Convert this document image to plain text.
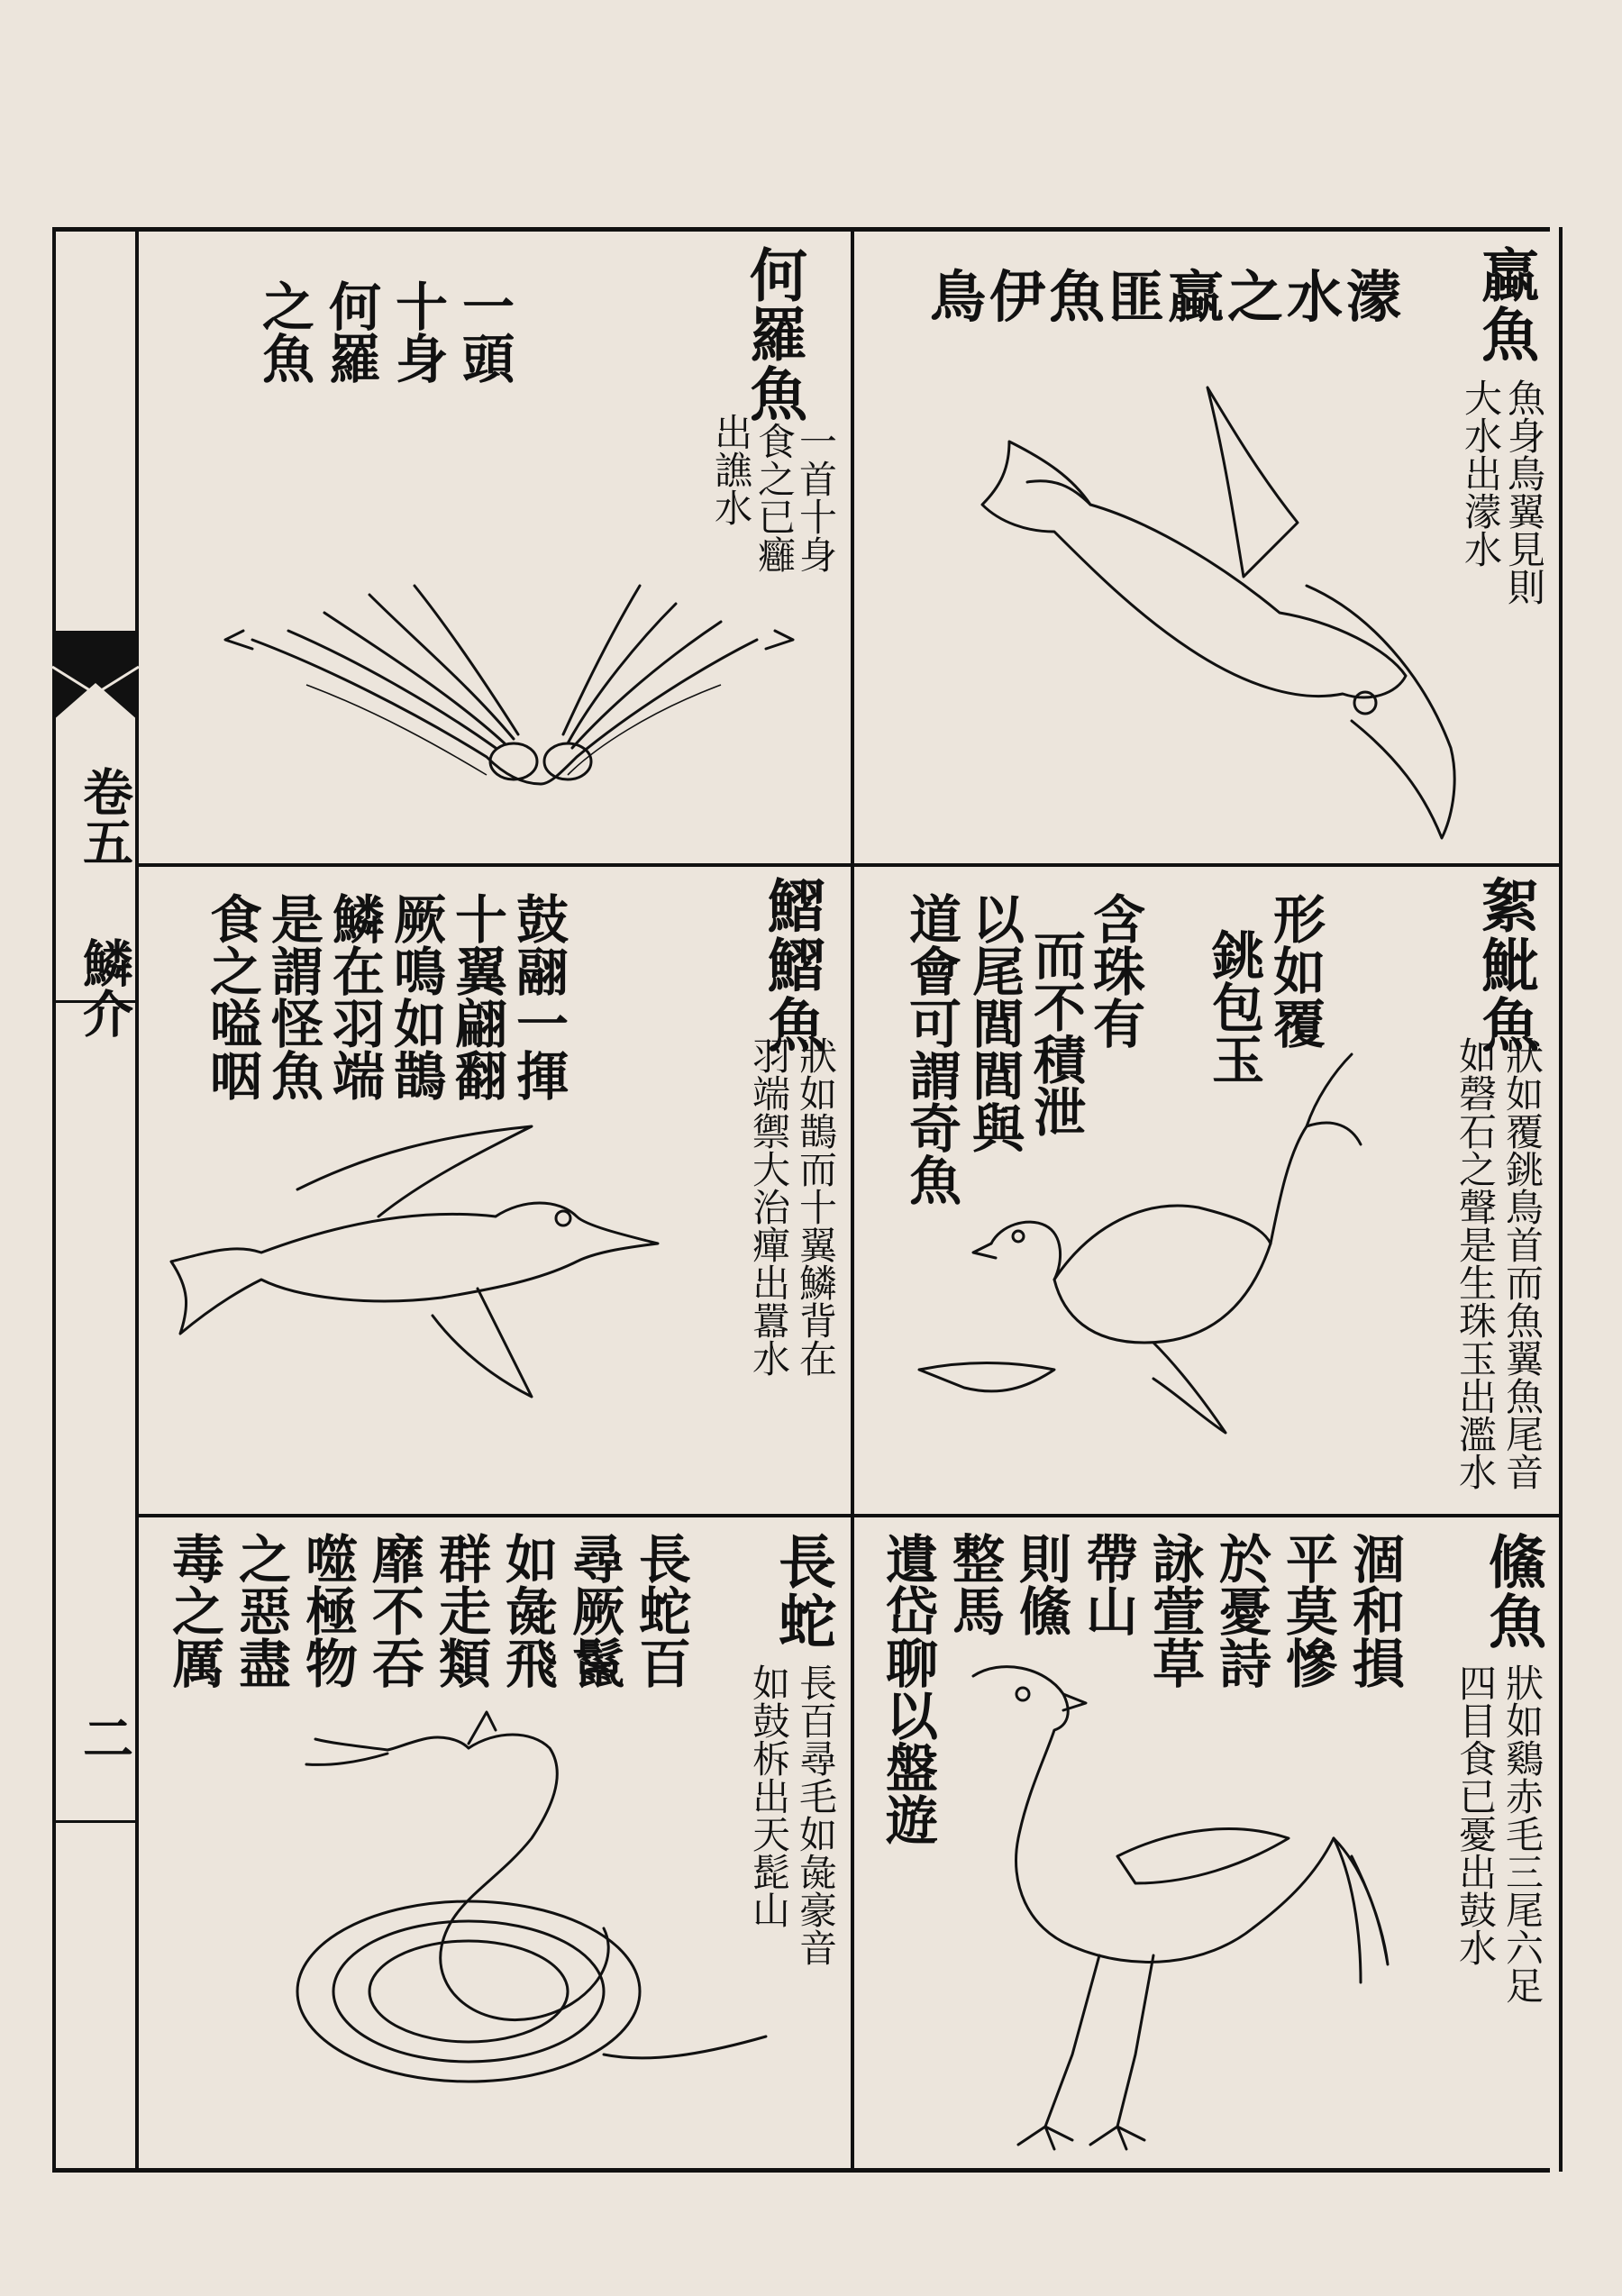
卷五
鱗介
二
何羅魚
一首十身
食之已癰
出譙水
一頭
十身
何羅
之魚	蠃魚
魚身鳥翼見則
大水出濛水
濛水之蠃匪魚伊鳥
鰼鰼魚
狀如鵲而十翼鱗背在
羽端禦大治癉出囂水
鼓翮一揮
十翼翩翻
厥鳴如鵲
鱗在羽端
是謂怪魚
食之嗌咽	絮魮魚
狀如覆銚鳥首而魚翼魚尾音
如磬石之聲是生珠玉出濫水
形如覆
銚包玉
含珠有
而不積泄
以尾閭閭與
道會可謂奇魚
長蛇
長百尋毛如彘豪音
如鼓柝出天髭山
長蛇百
尋厥鬣
如彘飛
群走類
靡不吞
噬極物
之惡盡
毒之厲	鯈魚
狀如鷄赤毛三尾六足
四目食已憂出鼓水
涸和損
平莫慘
於憂詩
詠萱草
帶山
則鯈
整馬
遺岱聊以盤遊
